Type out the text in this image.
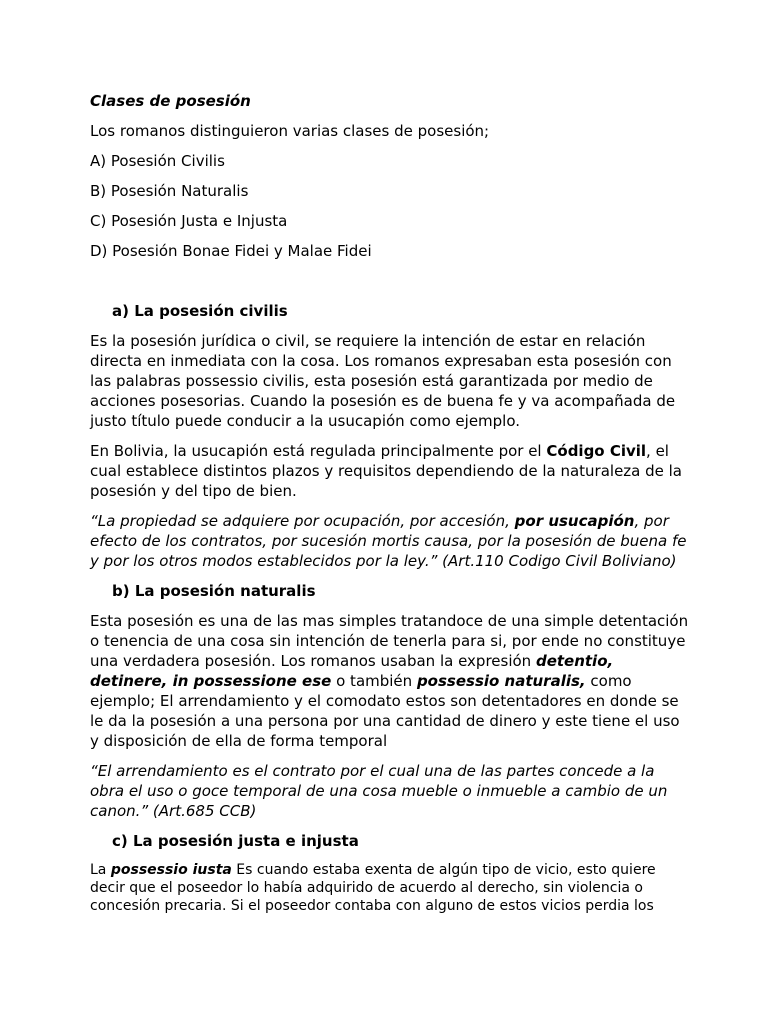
Clases de posesión
Los romanos distinguieron varias clases de posesión;
A) Posesión Civilis
B) Posesión Naturalis
C) Posesión Justa e Injusta
D) Posesión Bonae Fidei y Malae Fidei
a) La posesión civilis
Es la posesión jurídica o civil, se requiere la intención de estar en relación directa en inmediata con la cosa. Los romanos expresaban esta posesión con las palabras possessio civilis, esta posesión está garantizada por medio de acciones posesorias. Cuando la posesión es de buena fe y va acompañada de justo título puede conducir a la usucapión como ejemplo.
En Bolivia, la usucapión está regulada principalmente por el Código Civil, el cual establece distintos plazos y requisitos dependiendo de la naturaleza de la posesión y del tipo de bien.
“La propiedad se adquiere por ocupación, por accesión, por usucapión, por efecto de los contratos, por sucesión mortis causa, por la posesión de buena fe y por los otros modos establecidos por la ley.” (Art.110 Codigo Civil Boliviano)
b) La posesión naturalis
Esta posesión es una de las mas simples tratandoce de una simple detentación o tenencia de una cosa sin intención de tenerla para si, por ende no constituye una verdadera posesión. Los romanos usaban la expresión detentio, detinere, in possessione ese o también possessio naturalis, como ejemplo; El arrendamiento y el comodato estos son detentadores en donde se le da la posesión a una persona por una cantidad de dinero y este tiene el uso y disposición de ella de forma temporal
“El arrendamiento es el contrato por el cual una de las partes concede a la obra el uso o goce temporal de una cosa mueble o inmueble a cambio de un canon.” (Art.685 CCB)
c) La posesión justa e injusta
La possessio iusta Es cuando estaba exenta de algún tipo de vicio, esto quiere decir que el poseedor lo había adquirido de acuerdo al derecho, sin violencia o concesión precaria. Si el poseedor contaba con alguno de estos vicios perdia los
